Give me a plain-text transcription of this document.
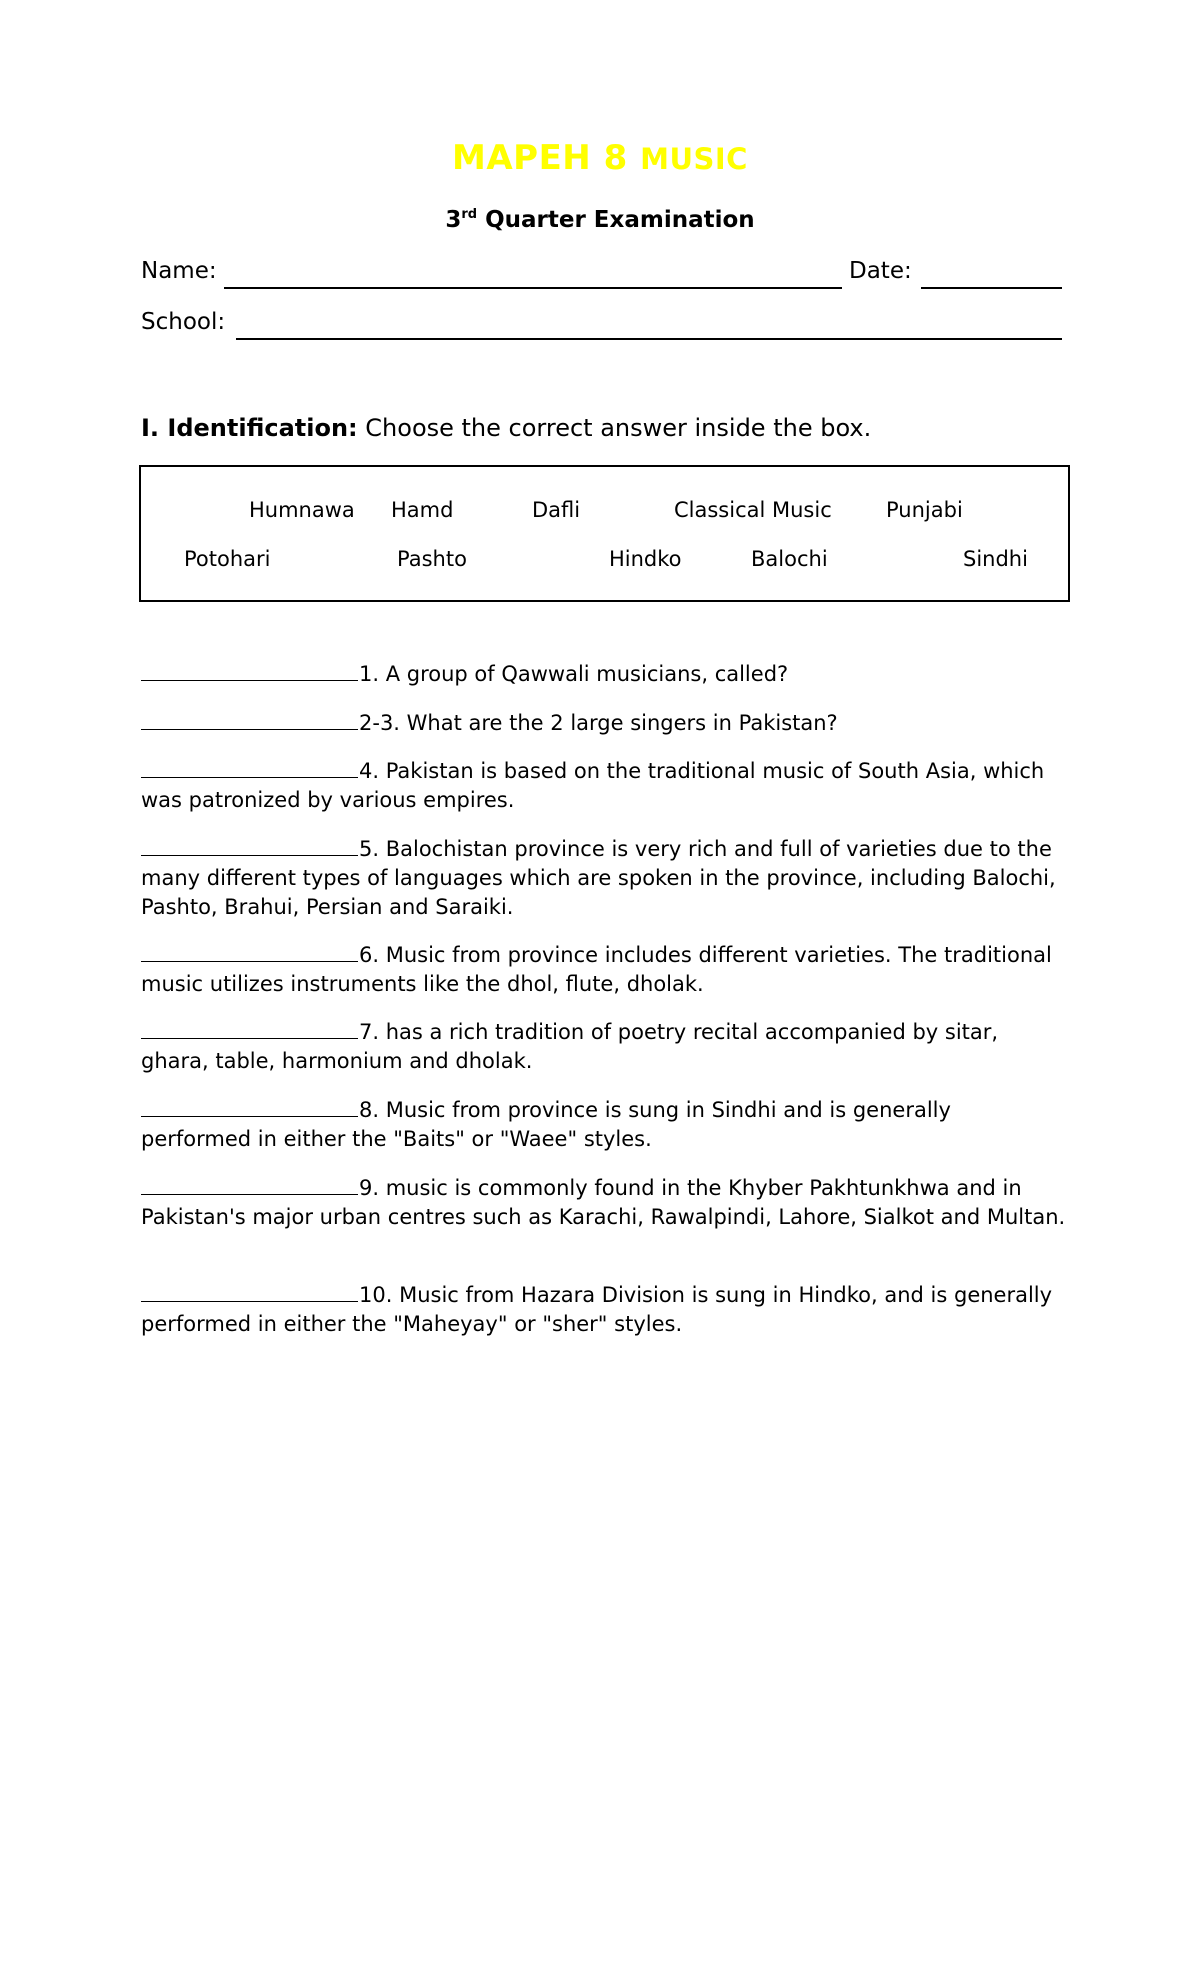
MAPEH 8 MUSIC
3rd Quarter Examination
Name:	Date:
School:
I. Identification: Choose the correct answer inside the box.
Humnawa Hamd	Dafli	Classical Music	Punjabi
Potohari	Pashto	Hindko	Balochi	Sindhi
1. A group of Qawwali musicians, called?
2-3. What are the 2 large singers in Pakistan?
4. Pakistan is based on the traditional music of South Asia, which was patronized by various empires.
5. Balochistan province is very rich and full of varieties due to the many different types of languages which are spoken in the province, including Balochi, Pashto, Brahui, Persian and Saraiki.
6. Music from province includes different varieties. The traditional music utilizes instruments like the dhol, flute, dholak.
7. has a rich tradition of poetry recital accompanied by sitar, ghara, table, harmonium and dholak.
8. Music from province is sung in Sindhi and is generally performed in either the "Baits" or "Waee" styles.
9. music is commonly found in the Khyber Pakhtunkhwa and in Pakistan's major urban centres such as Karachi, Rawalpindi, Lahore, Sialkot and Multan.
10. Music from Hazara Division is sung in Hindko, and is generally performed in either the "Maheyay" or "sher" styles.
